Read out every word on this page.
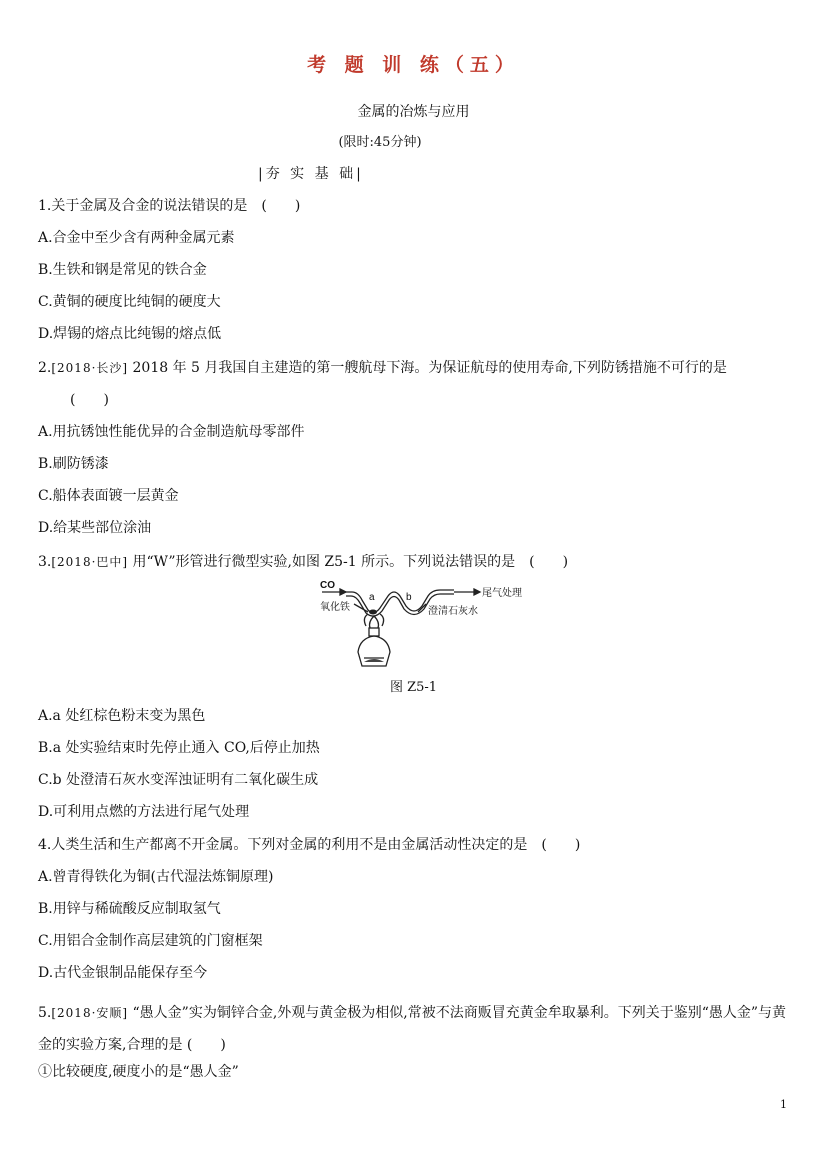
考 题 训 练（五）
金属的冶炼与应用
(限时:45分钟)
|夯 实 基 础|
1.关于金属及合金的说法错误的是　(　　)
A.合金中至少含有两种金属元素
B.生铁和钢是常见的铁合金
C.黄铜的硬度比纯铜的硬度大
D.焊锡的熔点比纯锡的熔点低
2.[2018·长沙] 2018 年 5 月我国自主建造的第一艘航母下海。为保证航母的使用寿命,下列防锈措施不可行的是
(　　)
A.用抗锈蚀性能优异的合金制造航母零部件
B.刷防锈漆
C.船体表面镀一层黄金
D.给某些部位涂油
3.[2018·巴中] 用“W”形管进行微型实验,如图 Z5-1 所示。下列说法错误的是　(　　)
CO
氧化铁
a	b	尾气处理
澄清石灰水
图 Z5-1
A.a 处红棕色粉末变为黑色
B.a 处实验结束时先停止通入 CO,后停止加热
C.b 处澄清石灰水变浑浊证明有二氧化碳生成
D.可利用点燃的方法进行尾气处理
4.人类生活和生产都离不开金属。下列对金属的利用不是由金属活动性决定的是　(　　)
A.曾青得铁化为铜(古代湿法炼铜原理)
B.用锌与稀硫酸反应制取氢气
C.用铝合金制作高层建筑的门窗框架
D.古代金银制品能保存至今
5.[2018·安顺] “愚人金”实为铜锌合金,外观与黄金极为相似,常被不法商贩冒充黄金牟取暴利。下列关于鉴别“愚人金”与黄金的实验方案,合理的是 (　　)
①比较硬度,硬度小的是“愚人金”
1
